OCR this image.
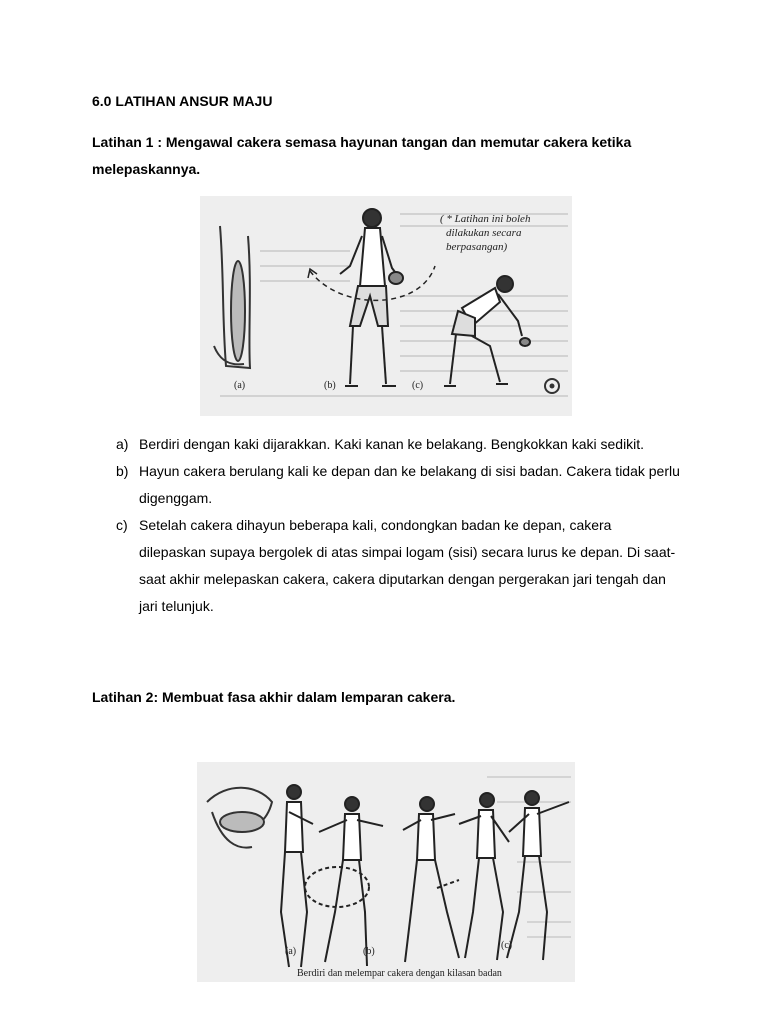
6.0 LATIHAN ANSUR MAJU
Latihan 1 : Mengawal cakera semasa hayunan tangan dan memutar cakera ketika melepaskannya.
( * Latihan ini boleh
dilakukan secara
berpasangan)
(a)	(b)	(c)
a) Berdiri dengan kaki dijarakkan. Kaki kanan ke belakang. Bengkokkan kaki sedikit.
b) Hayun cakera berulang kali ke depan dan ke belakang di sisi badan. Cakera tidak perlu digenggam.
c) Setelah cakera dihayun beberapa kali, condongkan badan ke depan, cakera dilepaskan supaya bergolek di atas simpai logam (sisi) secara lurus ke depan. Di saat-saat akhir melepaskan cakera, cakera diputarkan dengan pergerakan jari tengah dan jari telunjuk.
Latihan 2: Membuat fasa akhir dalam lemparan cakera.
(a)	(b)
(c)
Berdiri dan melempar cakera dengan kilasan badan
